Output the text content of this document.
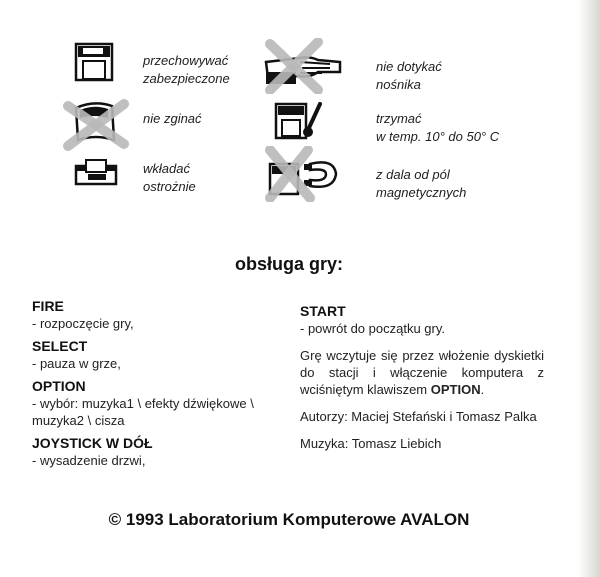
przechowywać
zabezpieczone
nie zginać
wkładać
ostrożnie
nie dotykać
nośnika
trzymać
w temp. 10° do 50° C
z dala od pól
magnetycznych
obsługa gry:
FIRE
- rozpoczęcie gry,
SELECT
- pauza w grze,
OPTION
- wybór: muzyka1 \ efekty dźwiękowe \ muzyka2 \ cisza
JOYSTICK W DÓŁ
- wysadzenie drzwi,
START
- powrót do początku gry.
Grę wczytuje się przez włożenie dyskietki do stacji i włączenie komputera z wciśniętym klawiszem OPTION.
Autorzy: Maciej Stefański i Tomasz Palka
Muzyka: Tomasz Liebich
© 1993 Laboratorium Komputerowe AVALON
